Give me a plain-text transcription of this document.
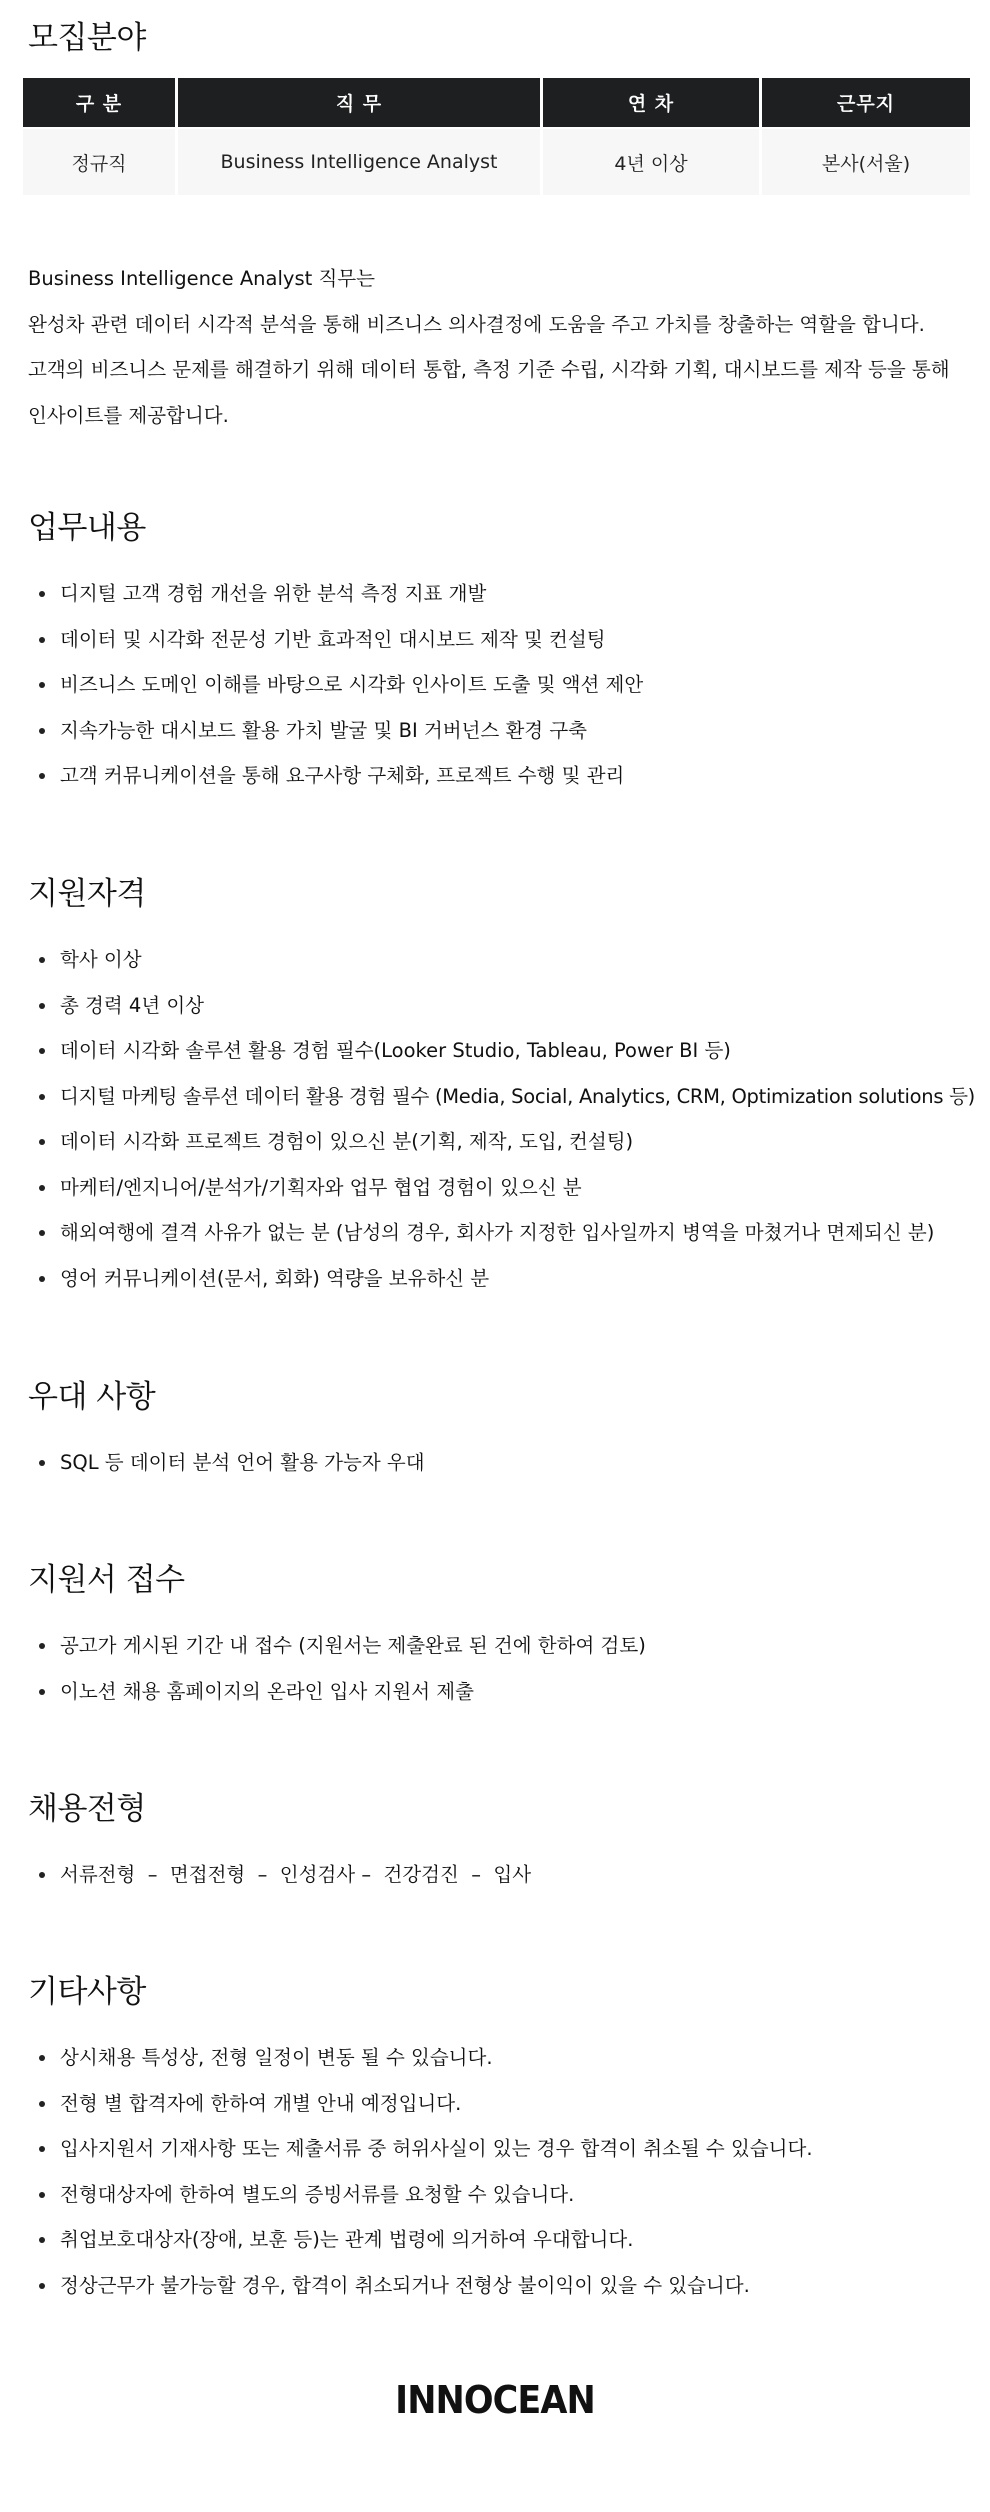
모집분야
구 분	직 무	연 차	근무지
정규직	Business Intelligence Analyst	4년 이상	본사(서울)

Business Intelligence Analyst 직무는

완성차 관련 데이터 시각적 분석을 통해 비즈니스 의사결정에 도움을 주고 가치를 창출하는 역할을 합니다.

고객의 비즈니스 문제를 해결하기 위해 데이터 통합, 측정 기준 수립, 시각화 기획, 대시보드를 제작 등을 통해

인사이트를 제공합니다.

업무내용
디지털 고객 경험 개선을 위한 분석 측정 지표 개발
데이터 및 시각화 전문성 기반 효과적인 대시보드 제작 및 컨설팅
비즈니스 도메인 이해를 바탕으로 시각화 인사이트 도출 및 액션 제안
지속가능한 대시보드 활용 가치 발굴 및 BI 거버넌스 환경 구축
고객 커뮤니케이션을 통해 요구사항 구체화, 프로젝트 수행 및 관리
지원자격
학사 이상
총 경력 4년 이상
데이터 시각화 솔루션 활용 경험 필수(Looker Studio, Tableau, Power BI 등)
디지털 마케팅 솔루션 데이터 활용 경험 필수 (Media, Social, Analytics, CRM, Optimization solutions 등)
데이터 시각화 프로젝트 경험이 있으신 분(기획, 제작, 도입, 컨설팅)
마케터/엔지니어/분석가/기획자와 업무 협업 경험이 있으신 분
해외여행에 결격 사유가 없는 분 (남성의 경우, 회사가 지정한 입사일까지 병역을 마쳤거나 면제되신 분)
영어 커뮤니케이션(문서, 회화) 역량을 보유하신 분
우대 사항
SQL 등 데이터 분석 언어 활용 가능자 우대
지원서 접수
공고가 게시된 기간 내 접수 (지원서는 제출완료 된 건에 한하여 검토)
이노션 채용 홈페이지의 온라인 입사 지원서 제출
채용전형
서류전형  –  면접전형  –  인성검사 –  건강검진  –  입사
기타사항
상시채용 특성상, 전형 일정이 변동 될 수 있습니다.
전형 별 합격자에 한하여 개별 안내 예정입니다.
입사지원서 기재사항 또는 제출서류 중 허위사실이 있는 경우 합격이 취소될 수 있습니다.
전형대상자에 한하여 별도의 증빙서류를 요청할 수 있습니다.
취업보호대상자(장애, 보훈 등)는 관계 법령에 의거하여 우대합니다.
정상근무가 불가능할 경우, 합격이 취소되거나 전형상 불이익이 있을 수 있습니다.
INNOCEAN
